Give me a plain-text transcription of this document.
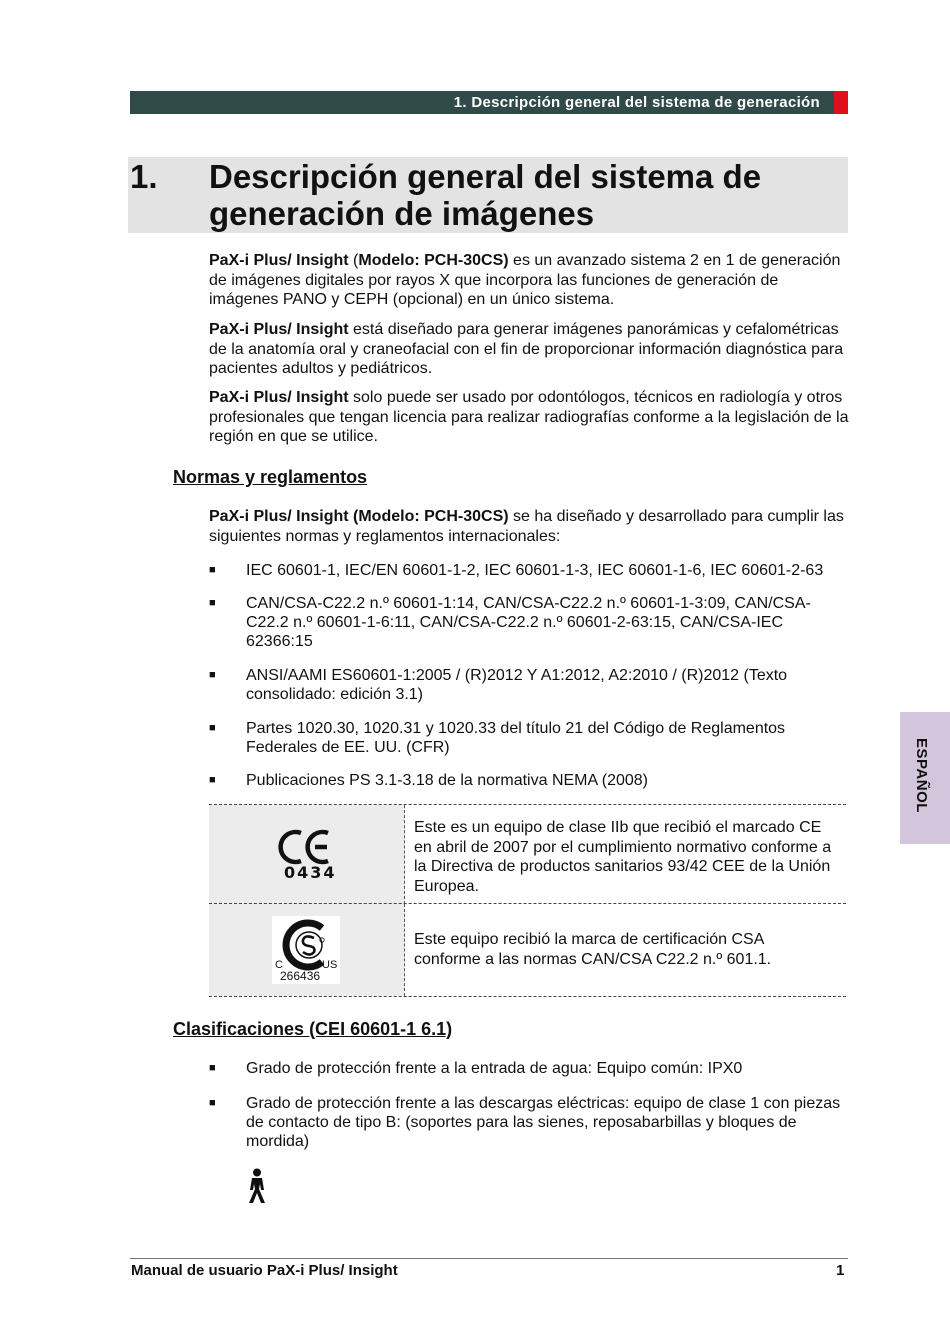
1. Descripción general del sistema de generación
1. Descripción general del sistema de
generación de imágenes
PaX-i Plus/ Insight (Modelo: PCH-30CS) es un avanzado sistema 2 en 1 de generación de imágenes digitales por rayos X que incorpora las funciones de generación de imágenes PANO y CEPH (opcional) en un único sistema.
PaX-i Plus/ Insight está diseñado para generar imágenes panorámicas y cefalométricas de la anatomía oral y craneofacial con el fin de proporcionar información diagnóstica para pacientes adultos y pediátricos.
PaX-i Plus/ Insight solo puede ser usado por odontólogos, técnicos en radiología y otros profesionales que tengan licencia para realizar radiografías conforme a la legislación de la región en que se utilice.
Normas y reglamentos
PaX-i Plus/ Insight (Modelo: PCH-30CS) se ha diseñado y desarrollado para cumplir las siguientes normas y reglamentos internacionales:
■ IEC 60601-1, IEC/EN 60601-1-2, IEC 60601-1-3, IEC 60601-1-6, IEC 60601-2-63
■ CAN/CSA-C22.2 n.º 60601-1:14, CAN/CSA-C22.2 n.º 60601-1-3:09, CAN/CSA-C22.2 n.º 60601-1-6:11, CAN/CSA-C22.2 n.º 60601-2-63:15, CAN/CSA-IEC 62366:15
■ ANSI/AAMI ES60601-1:2005 / (R)2012 Y A1:2012, A2:2010 / (R)2012 (Texto consolidado: edición 3.1)
■ Partes 1020.30, 1020.31 y 1020.33 del título 21 del Código de Reglamentos Federales de EE. UU. (CFR)
■ Publicaciones PS 3.1-3.18 de la normativa NEMA (2008)
0434
Este es un equipo de clase IIb que recibió el marcado CE en abril de 2007 por el cumplimiento normativo conforme a la Directiva de productos sanitarios 93/42 CEE de la Unión Europea.
C	US
266436
Este equipo recibió la marca de certificación CSA conforme a las normas CAN/CSA C22.2 n.º 601.1.
Clasificaciones (CEI 60601-1 6.1)
■ Grado de protección frente a la entrada de agua: Equipo común: IPX0
■ Grado de protección frente a las descargas eléctricas: equipo de clase 1 con piezas de contacto de tipo B: (soportes para las sienes, reposabarbillas y bloques de mordida)
ESPAÑOL
Manual de usuario PaX-i Plus/ Insight	1
